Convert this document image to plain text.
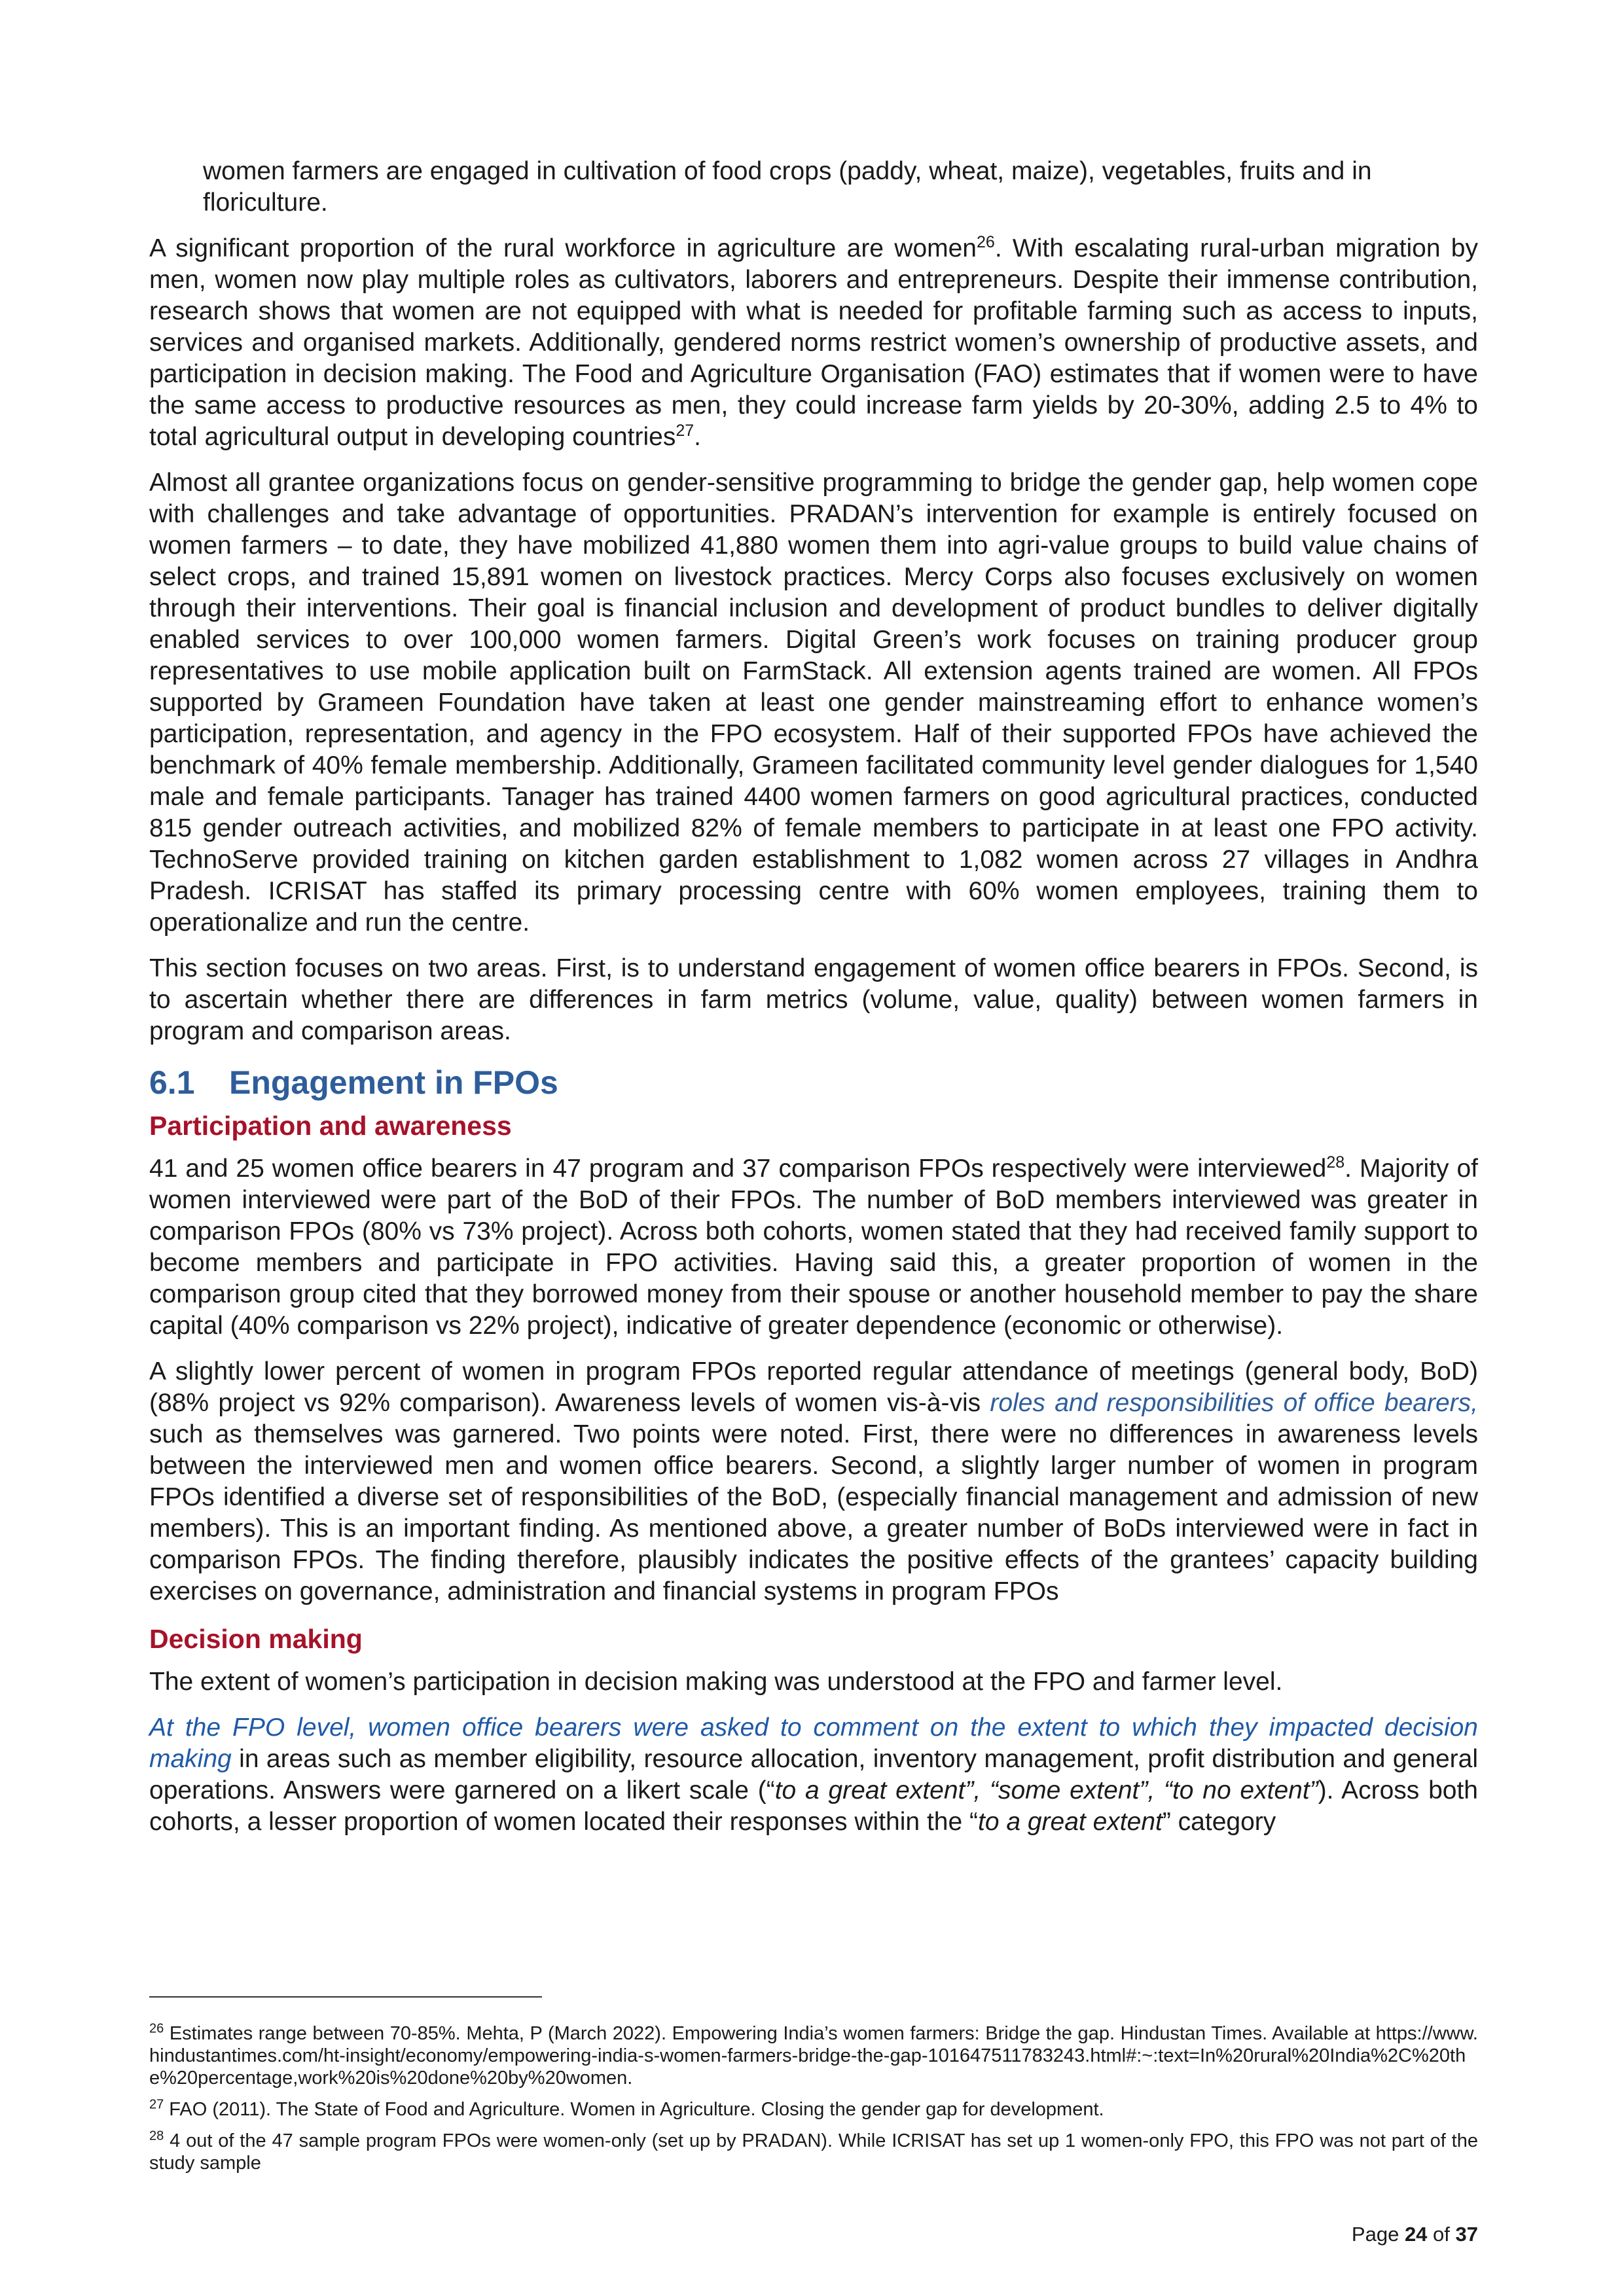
women farmers are engaged in cultivation of food crops (paddy, wheat, maize), vegetables, fruits and in floriculture.

A significant proportion of the rural workforce in agriculture are women$^{26}$. With escalating rural-urban migration by men, women now play multiple roles as cultivators, laborers and entrepreneurs. Despite their immense contribution, research shows that women are not equipped with what is needed for profitable farming such as access to inputs, services and organised markets. Additionally, gendered norms restrict women’s ownership of productive assets, and participation in decision making. The Food and Agriculture Organisation (FAO) estimates that if women were to have the same access to productive resources as men, they could increase farm yields by 20-30%, adding 2.5 to 4% to total agricultural output in developing countries$^{27}$.

Almost all grantee organizations focus on gender-sensitive programming to bridge the gender gap, help women cope with challenges and take advantage of opportunities. PRADAN’s intervention for example is entirely focused on women farmers – to date, they have mobilized 41,880 women them into agri-value groups to build value chains of select crops, and trained 15,891 women on livestock practices. Mercy Corps also focuses exclusively on women through their interventions. Their goal is financial inclusion and development of product bundles to deliver digitally enabled services to over 100,000 women farmers. Digital Green’s work focuses on training producer group representatives to use mobile application built on FarmStack. All extension agents trained are women. All FPOs supported by Grameen Foundation have taken at least one gender mainstreaming effort to enhance women’s participation, representation, and agency in the FPO ecosystem. Half of their supported FPOs have achieved the benchmark of 40% female membership. Additionally, Grameen facilitated community level gender dialogues for 1,540 male and female participants. Tanager has trained 4400 women farmers on good agricultural practices, conducted 815 gender outreach activities, and mobilized 82% of female members to participate in at least one FPO activity. TechnoServe provided training on kitchen garden establishment to 1,082 women across 27 villages in Andhra Pradesh. ICRISAT has staffed its primary processing centre with 60% women employees, training them to operationalize and run the centre.

This section focuses on two areas. First, is to understand engagement of women office bearers in FPOs. Second, is to ascertain whether there are differences in farm metrics (volume, value, quality) between women farmers in program and comparison areas.

6.1 Engagement in FPOs
Participation and awareness

41 and 25 women office bearers in 47 program and 37 comparison FPOs respectively were interviewed$^{28}$. Majority of women interviewed were part of the BoD of their FPOs. The number of BoD members interviewed was greater in comparison FPOs (80% vs 73% project). Across both cohorts, women stated that they had received family support to become members and participate in FPO activities. Having said this, a greater proportion of women in the comparison group cited that they borrowed money from their spouse or another household member to pay the share capital (40% comparison vs 22% project), indicative of greater dependence (economic or otherwise).

A slightly lower percent of women in program FPOs reported regular attendance of meetings (general body, BoD) (88% project vs 92% comparison). Awareness levels of women vis-à-vis roles and responsibilities of office bearers, such as themselves was garnered. Two points were noted. First, there were no differences in awareness levels between the interviewed men and women office bearers. Second, a slightly larger number of women in program FPOs identified a diverse set of responsibilities of the BoD, (especially financial management and admission of new members). This is an important finding. As mentioned above, a greater number of BoDs interviewed were in fact in comparison FPOs. The finding therefore, plausibly indicates the positive effects of the grantees’ capacity building exercises on governance, administration and financial systems in program FPOs

Decision making

The extent of women’s participation in decision making was understood at the FPO and farmer level.

At the FPO level, women office bearers were asked to comment on the extent to which they impacted decision making in areas such as member eligibility, resource allocation, inventory management, profit distribution and general operations. Answers were garnered on a likert scale (“to a great extent”, “some extent”, “to no extent”). Across both cohorts, a lesser proportion of women located their responses within the “to a great extent” category

$^{26}$ Estimates range between 70-85%. Mehta, P (March 2022). Empowering India’s women farmers: Bridge the gap. Hindustan Times. Available at https://www.hindustantimes.com/ht-insight/economy/empowering-india-s-women-farmers-bridge-the-gap-101647511783243.html#:~:text=In%20rural%20India%2C%20the%20percentage,work%20is%20done%20by%20women.

$^{27}$ FAO (2011). The State of Food and Agriculture. Women in Agriculture. Closing the gender gap for development.

$^{28}$ 4 out of the 47 sample program FPOs were women-only (set up by PRADAN). While ICRISAT has set up 1 women-only FPO, this FPO was not part of the study sample

Page 24 of 37
